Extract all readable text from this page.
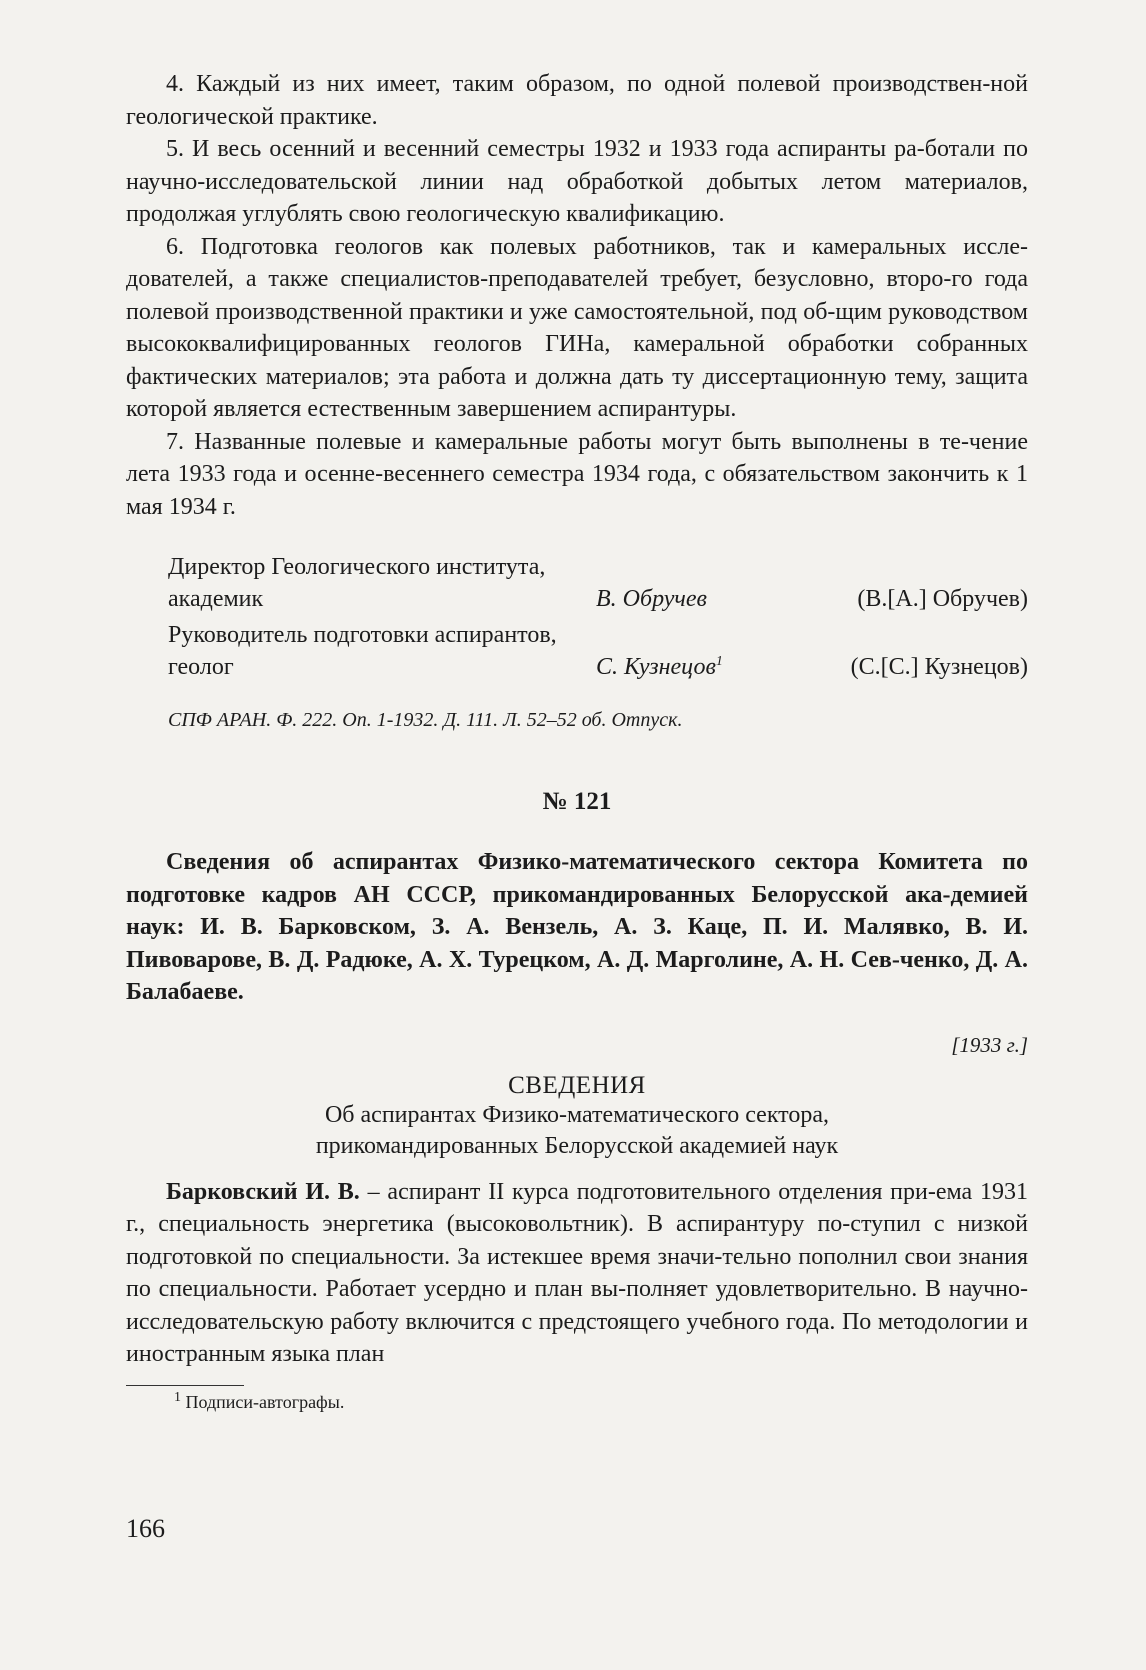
4. Каждый из них имеет, таким образом, по одной полевой производствен-ной геологической практике.

5. И весь осенний и весенний семестры 1932 и 1933 года аспиранты ра-ботали по научно-исследовательской линии над обработкой добытых летом материалов, продолжая углублять свою геологическую квалификацию.

6. Подготовка геологов как полевых работников, так и камеральных иссле-дователей, а также специалистов-преподавателей требует, безусловно, второ-го года полевой производственной практики и уже самостоятельной, под об-щим руководством высококвалифицированных геологов ГИНа, камеральной обработки собранных фактических материалов; эта работа и должна дать ту диссертационную тему, защита которой является естественным завершением аспирантуры.

7. Названные полевые и камеральные работы могут быть выполнены в те-чение лета 1933 года и осенне-весеннего семестра 1934 года, с обязательством закончить к 1 мая 1934 г.

Директор Геологического института,
академик	В. Обручев	(В.[А.] Обручев)
Руководитель подготовки аспирантов,
геолог	С. Кузнецов$^1$	(С.[С.] Кузнецов)
СПФ АРАН. Ф. 222. Оп. 1-1932. Д. 111. Л. 52–52 об. Отпуск.
№ 121

Сведения об аспирантах Физико-математического сектора Комитета по подготовке кадров АН СССР, прикомандированных Белорусской ака-демией наук: И. В. Барковском, З. А. Вензель, А. З. Каце, П. И. Малявко, В. И. Пивоварове, В. Д. Радюке, А. Х. Турецком, А. Д. Марголине, А. Н. Сев-ченко, Д. А. Балабаеве.

[1933 г.]
СВЕДЕНИЯ
Об аспирантах Физико-математического сектора,
прикомандированных Белорусской академией наук

Барковский И. В. – аспирант II курса подготовительного отделения при-ема 1931 г., специальность энергетика (высоковольтник). В аспирантуру по-ступил с низкой подготовкой по специальности. За истекшее время значи-тельно пополнил свои знания по специальности. Работает усердно и план вы-полняет удовлетворительно. В научно-исследовательскую работу включится с предстоящего учебного года. По методологии и иностранным языка план

$^1$ Подписи-автографы.
166
